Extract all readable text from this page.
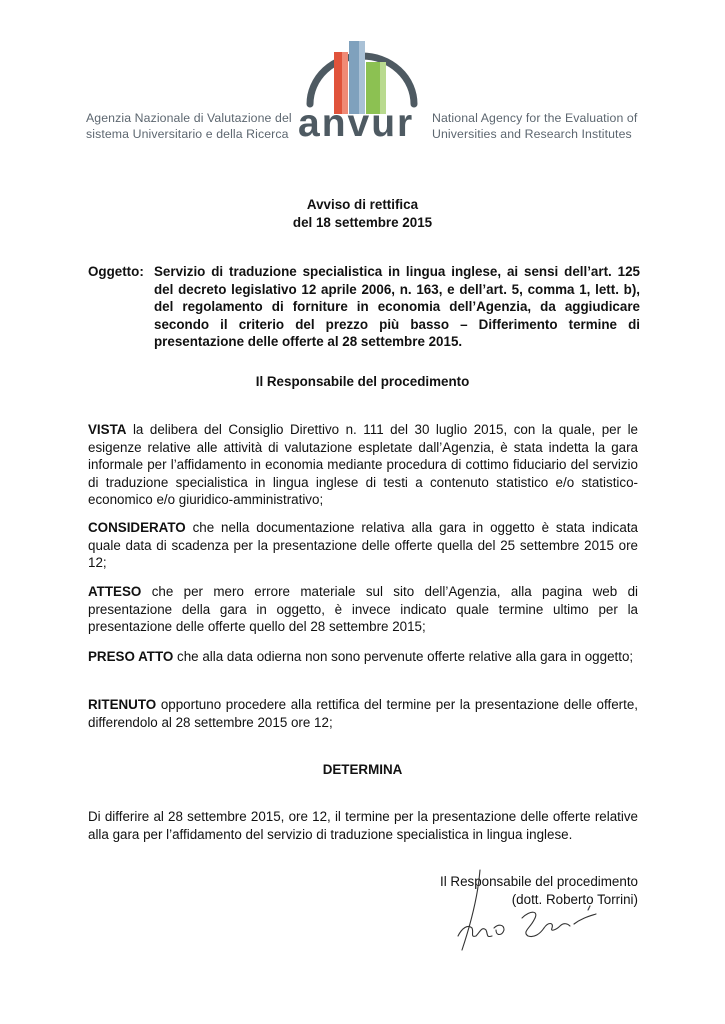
Agenzia Nazionale di Valutazione del
sistema Universitario e della Ricerca anvur National Agency for the Evaluation of
Universities and Research Institutes
Avviso di rettifica
del 18 settembre 2015
Oggetto: Servizio di traduzione specialistica in lingua inglese, ai sensi dell’art. 125 del decreto legislativo 12 aprile 2006, n. 163, e dell’art. 5, comma 1, lett. b), del regolamento di forniture in economia dell’Agenzia, da aggiudicare secondo il criterio del prezzo più basso – Differimento termine di presentazione delle offerte al 28 settembre 2015.
Il Responsabile del procedimento
VISTA la delibera del Consiglio Direttivo n. 111 del 30 luglio 2015, con la quale, per le esigenze relative alle attività di valutazione espletate dall’Agenzia, è stata indetta la gara informale per l’affidamento in economia mediante procedura di cottimo fiduciario del servizio di traduzione specialistica in lingua inglese di testi a contenuto statistico e/o statistico-economico e/o giuridico-amministrativo;
CONSIDERATO che nella documentazione relativa alla gara in oggetto è stata indicata quale data di scadenza per la presentazione delle offerte quella del 25 settembre 2015 ore 12;
ATTESO che per mero errore materiale sul sito dell’Agenzia, alla pagina web di presentazione della gara in oggetto, è invece indicato quale termine ultimo per la presentazione delle offerte quello del 28 settembre 2015;
PRESO ATTO che alla data odierna non sono pervenute offerte relative alla gara in oggetto;
RITENUTO opportuno procedere alla rettifica del termine per la presentazione delle offerte, differendolo al 28 settembre 2015 ore 12;
DETERMINA
Di differire al 28 settembre 2015, ore 12, il termine per la presentazione delle offerte relative alla gara per l’affidamento del servizio di traduzione specialistica in lingua inglese.
Il Responsabile del procedimento
(dott. Roberto Torrini)
